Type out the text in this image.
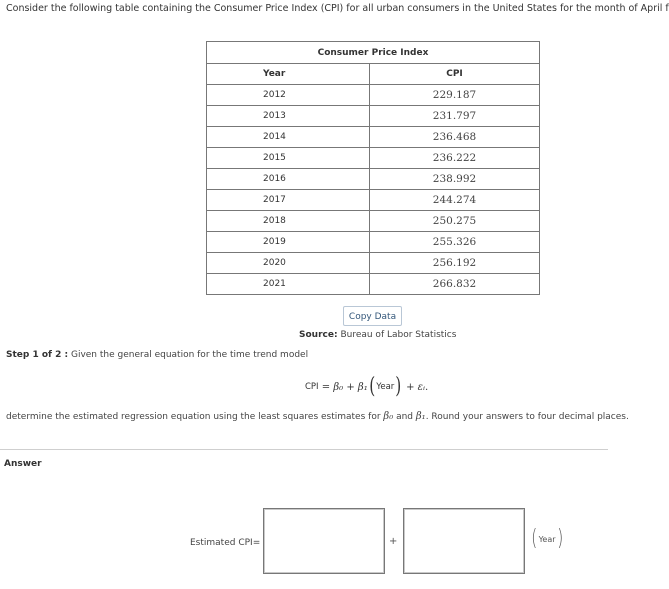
Consider the following table containing the Consumer Price Index (CPI) for all urban consumers in the United States for the month of April f
Consumer Price Index	
Year	CPI
2012	229.187
2013	231.797
2014	236.468
2015	236.222
2016	238.992
2017	244.274
2018	250.275
2019	255.326
2020	256.192
2021	266.832
Copy Data
Source: Bureau of Labor Statistics
Step 1 of 2 : Given the general equation for the time trend model
CPI
=
β₀
+
β₁ ( Year )
+
εᵢ.
determine the estimated regression equation using the least squares estimates for β₀ and β₁. Round your answers to four decimal places.
Answer
Estimated CPI=	+	( Year )
